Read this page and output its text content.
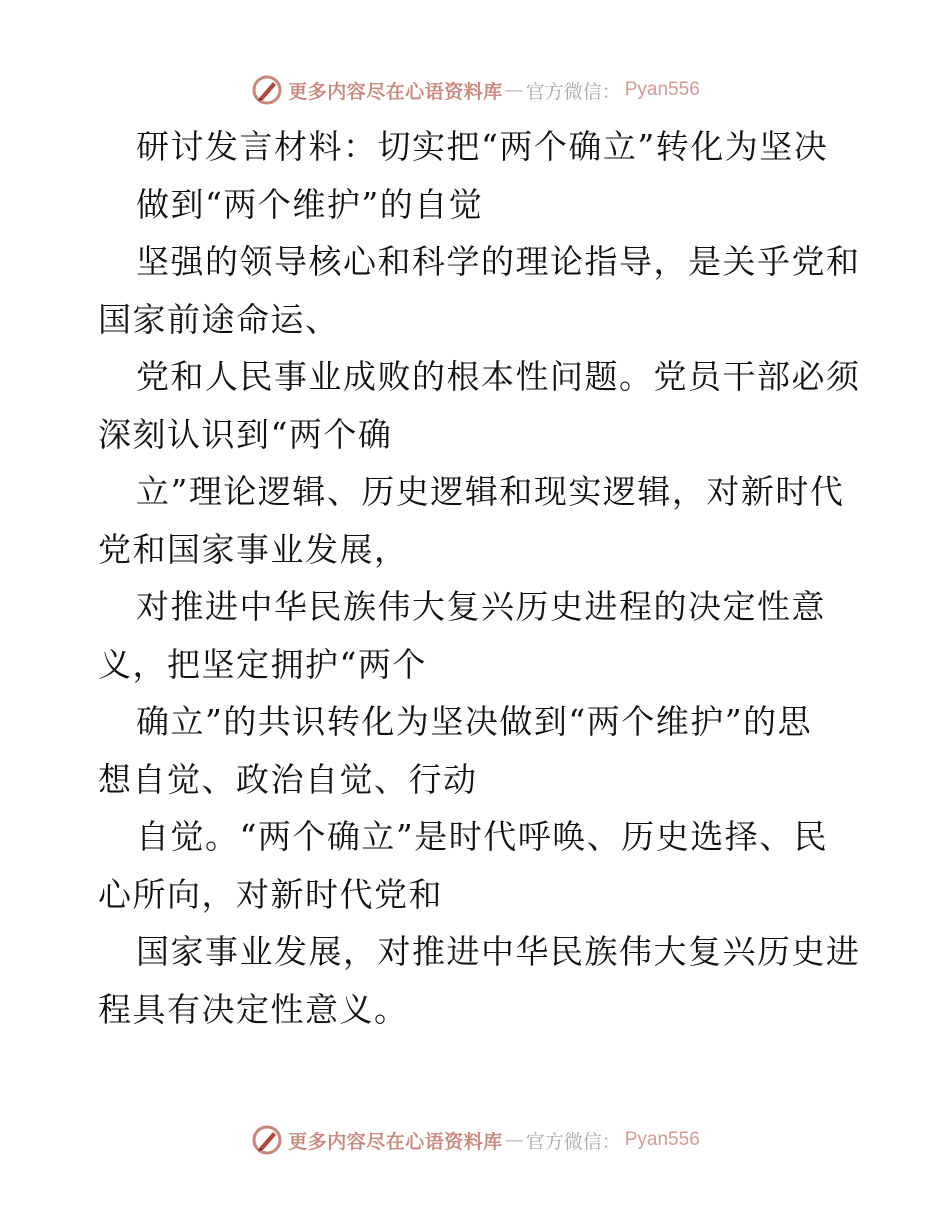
更多内容尽在心语资料库 — 官方微信： Pyan556
研讨发言材料：切实把“两个确立”转化为坚决
做到“两个维护”的自觉
坚强的领导核心和科学的理论指导，是关乎党和
国家前途命运、
党和人民事业成败的根本性问题。党员干部必须
深刻认识到“两个确
立”理论逻辑、历史逻辑和现实逻辑，对新时代
党和国家事业发展，
对推进中华民族伟大复兴历史进程的决定性意
义，把坚定拥护“两个
确立”的共识转化为坚决做到“两个维护”的思
想自觉、政治自觉、行动
自觉。“两个确立”是时代呼唤、历史选择、民
心所向，对新时代党和
国家事业发展，对推进中华民族伟大复兴历史进
程具有决定性意义。
更多内容尽在心语资料库 — 官方微信： Pyan556
